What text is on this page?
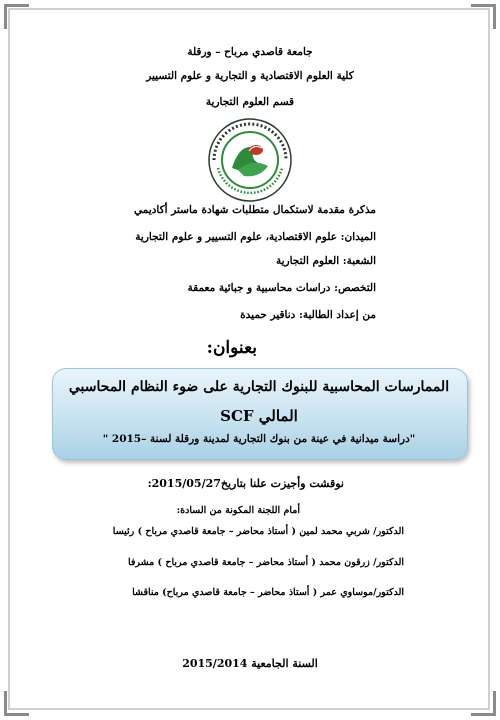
جامعة قاصدي مرباح – ورقلة
كلية العلوم الاقتصادية و التجارية و علوم التسيير
قسم العلوم التجارية
مذكرة مقدمة لاستكمال متطلبات شهادة ماستر أكاديمي
الميدان: علوم الاقتصادية، علوم التسيير و علوم التجارية
الشعبة: العلوم التجارية
التخصص: دراسات محاسبية و جبائية معمقة
من إعداد الطالبة: دناقير حميدة
بعنوان:
الممارسات المحاسبية للبنوك التجارية على ضوء النظام المحاسبي
المالي SCF
"دراسة ميدانية في عينة من بنوك التجارية لمدينة ورقلة لسنة –2015 "
نوقشت وأجيزت علنا بتاريخ2015/05/27:
أمام اللجنة المكونة من السادة:
الدكتور/ شربي محمد لمين ( أستاذ محاضر – جامعة قاصدي مرباح ) رئيسا
الدكتور/ زرقون محمد ( أستاذ محاضر – جامعة قاصدي مرباح ) مشرفا
الدكتور/موساوي عمر ( أستاذ محاضر – جامعة قاصدي مرباح) مناقشا
السنة الجامعية 2015/2014
